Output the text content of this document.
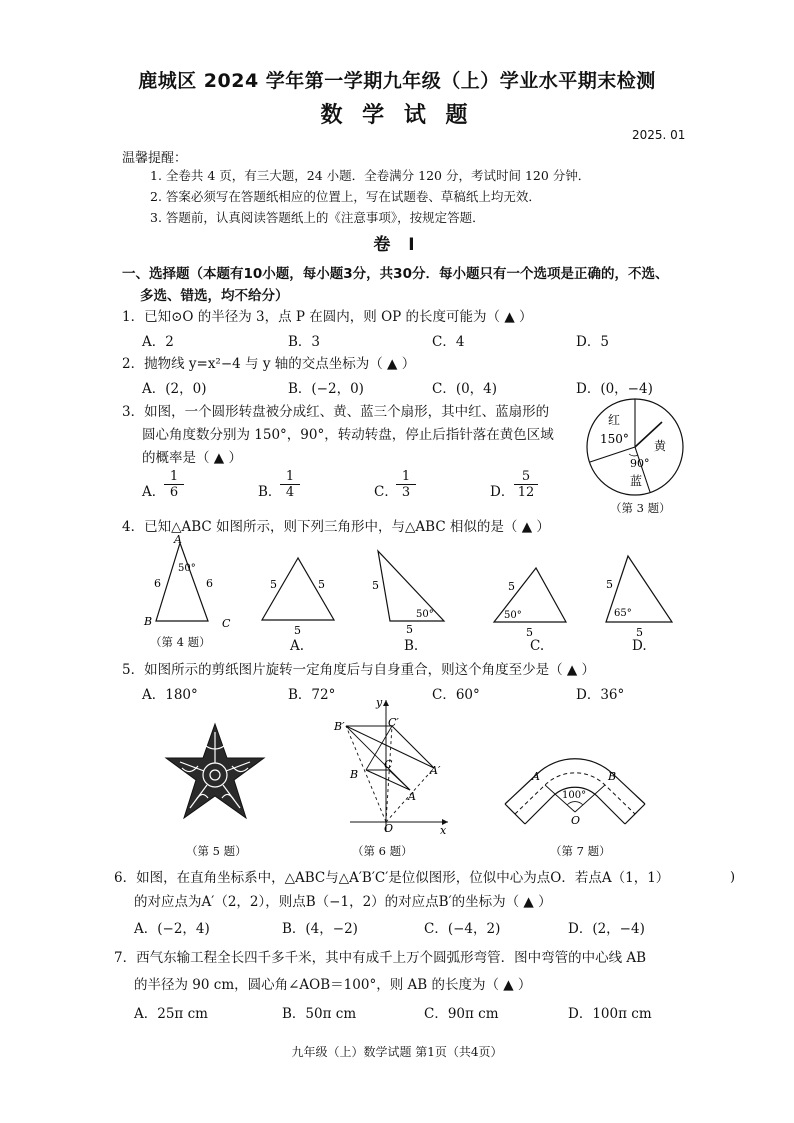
鹿城区 2024 学年第一学期九年级（上）学业水平期末检测
数 学 试 题
2025. 01
温馨提醒：
1. 全卷共 4 页，有三大题，24 小题．全卷满分 120 分，考试时间 120 分钟．
2. 答案必须写在答题纸相应的位置上，写在试题卷、草稿纸上均无效．
3. 答题前，认真阅读答题纸上的《注意事项》，按规定答题．
卷 I
一、选择题（本题有10小题，每小题3分，共30分．每小题只有一个选项是正确的，不选、
多选、错选，均不给分）
1．已知⊙O 的半径为 3，点 P 在圆内，则 OP 的长度可能为（ ▲ ）
A．2	B．3	C．4	D．5
2．抛物线 y=x²−4 与 y 轴的交点坐标为（ ▲ ）
A．(2，0)	B．(−2，0)	C．(0，4)	D．(0，−4)
3．如图，一个圆形转盘被分成红、黄、蓝三个扇形，其中红、蓝扇形的
圆心角度数分别为 150°，90°，转动转盘，停止后指针落在黄色区域
的概率是（ ▲ ）
A．
$\frac{1}{6}$	B．
$\frac{1}{4}$	C．
$\frac{1}{3}$	D． $\frac{5}{12}$
红
150° 黄
90°
蓝
（第 3 题）
4．已知△ABC 如图所示，则下列三角形中，与△ABC 相似的是（ ▲ ）
A
B	C
50°
6	6
（第 4 题）
5	5
5
A.
5
5
50°
B.
5
5
50°
C.
5
5
65°
D.
5．如图所示的剪纸图片旋转一定角度后与自身重合，则这个角度至少是（ ▲ ）
A．180°	B．72°	C．60°	D．36°
（第 5 题）
y
x
O
B′	C′
A′
B
C
A
（第 6 题）
A	B
O
100°
（第 7 题）
6．如图，在直角坐标系中，△ABC与△A′B′C′是位似图形，位似中心为点O．若点A（1，1）
的对应点为A′（2，2），则点B（−1，2）的对应点B′的坐标为（ ▲ ）
A．(−2，4)	B．(4，−2)	C．(−4，2)	D．(2，−4)
)
7．西气东输工程全长四千多千米，其中有成千上万个圆弧形弯管．图中弯管的中心线 AB
的半径为 90 cm，圆心角∠AOB＝100°，则 AB 的长度为（ ▲ ）
A．25π cm	B．50π cm	C．90π cm	D．100π cm
九年级（上）数学试题 第1页（共4页）
